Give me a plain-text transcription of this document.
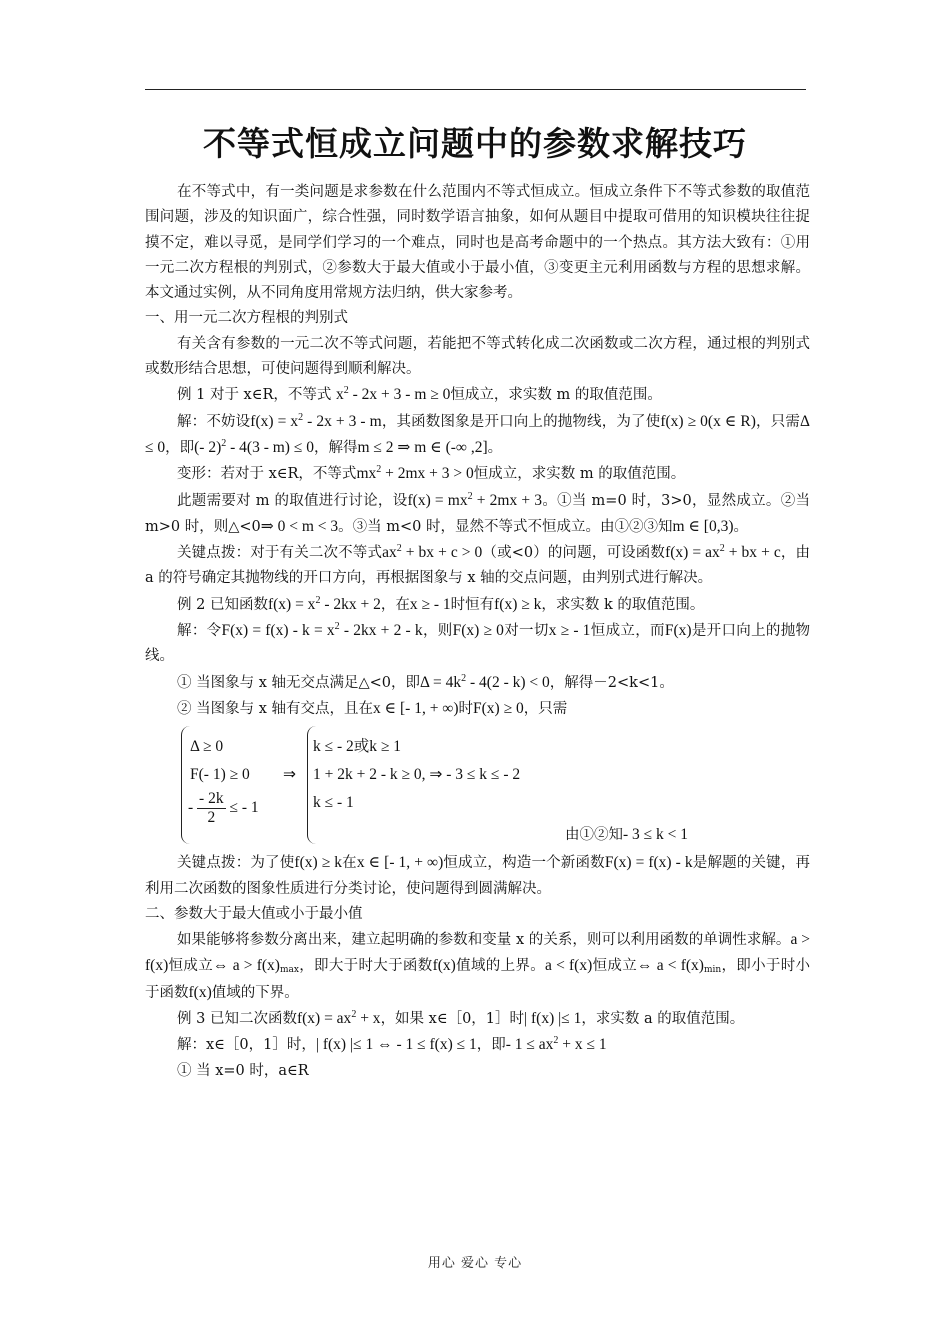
不等式恒成立问题中的参数求解技巧

在不等式中，有一类问题是求参数在什么范围内不等式恒成立。恒成立条件下不等式参数的取值范围问题，涉及的知识面广，综合性强，同时数学语言抽象，如何从题目中提取可借用的知识模块往往捉摸不定，难以寻觅，是同学们学习的一个难点，同时也是高考命题中的一个热点。其方法大致有：①用一元二次方程根的判别式，②参数大于最大值或小于最小值，③变更主元利用函数与方程的思想求解。本文通过实例，从不同角度用常规方法归纳，供大家参考。

一、用一元二次方程根的判别式

有关含有参数的一元二次不等式问题，若能把不等式转化成二次函数或二次方程，通过根的判别式或数形结合思想，可使问题得到顺利解决。

例 1 对于 x∈R，不等式 $x^2 - 2x + 3 - m \ge 0$恒成立，求实数 m 的取值范围。

解：不妨设$f(x) = x^2 - 2x + 3 - m$，其函数图象是开口向上的抛物线，为了使f(x) ≥ 0(x ∈ R)，只需Δ ≤ 0，即(- 2)$^2$ - 4(3 - m) ≤ 0，解得m ≤ 2 ⇒ m ∈ (-∞ ,2]。

变形：若对于 x∈R，不等式$mx^2 + 2mx + 3 > 0$恒成立，求实数 m 的取值范围。

此题需要对 m 的取值进行讨论，设$f(x) = mx^2 + 2mx + 3$。①当 m=0 时，3>0，显然成立。②当 m>0 时，则△<0⇒ 0 < m < 3。③当 m<0 时，显然不等式不恒成立。由①②③知m ∈ [0,3)。

关键点拨：对于有关二次不等式$ax^2$ + bx + c > 0（或<0）的问题，可设函数$f(x) = ax^2$ + bx + c，由 a 的符号确定其抛物线的开口方向，再根据图象与 x 轴的交点问题，由判别式进行解决。

例 2 已知函数$f(x) = x^2 - 2kx + 2$，在x ≥ - 1时恒有f(x) ≥ k，求实数 k 的取值范围。

解：令$F(x) = f(x) - k = x^2 - 2kx + 2 - k$，则F(x) ≥ 0对一切x ≥ - 1恒成立，而F(x)是开口向上的抛物线。

① 当图象与 x 轴无交点满足△<0，即$\Delta = 4k^2 - 4(2 - k) < 0$，解得－2<k<1。

② 当图象与 x 轴有交点，且在x ∈ [- 1, + ∞)时F(x) ≥ 0，只需

Δ ≥ 0
F(- 1) ≥ 0
- $\frac{- 2k}{2}$ ≤ - 1
⇒
k ≤ - 2或k ≥ 1
1 + 2k + 2 - k ≥ 0, ⇒ - 3 ≤ k ≤ - 2
k ≤ - 1
由①②知- 3 ≤ k < 1

关键点拨：为了使f(x) ≥ k在x ∈ [- 1, + ∞)恒成立，构造一个新函数F(x) = f(x) - k是解题的关键，再利用二次函数的图象性质进行分类讨论，使问题得到圆满解决。

二、参数大于最大值或小于最小值

如果能够将参数分离出来，建立起明确的参数和变量 x 的关系，则可以利用函数的单调性求解。a > f(x)恒成立⇔ $a > f(x)_{max}$，即大于时大于函数f(x)值域的上界。a < f(x)恒成立⇔ $a < f(x)_{min}$，即小于时小于函数f(x)值域的下界。

例 3 已知二次函数$f(x) = ax^2 + x$，如果 x∈［0，1］时| f(x) |≤ 1，求实数 a 的取值范围。

解：x∈［0，1］时，| f(x) |≤ 1 ⇔ - 1 ≤ f(x) ≤ 1，即- $1 \le ax^2 + x \le 1$

① 当 x=0 时，a∈R

用心 爱心 专心
